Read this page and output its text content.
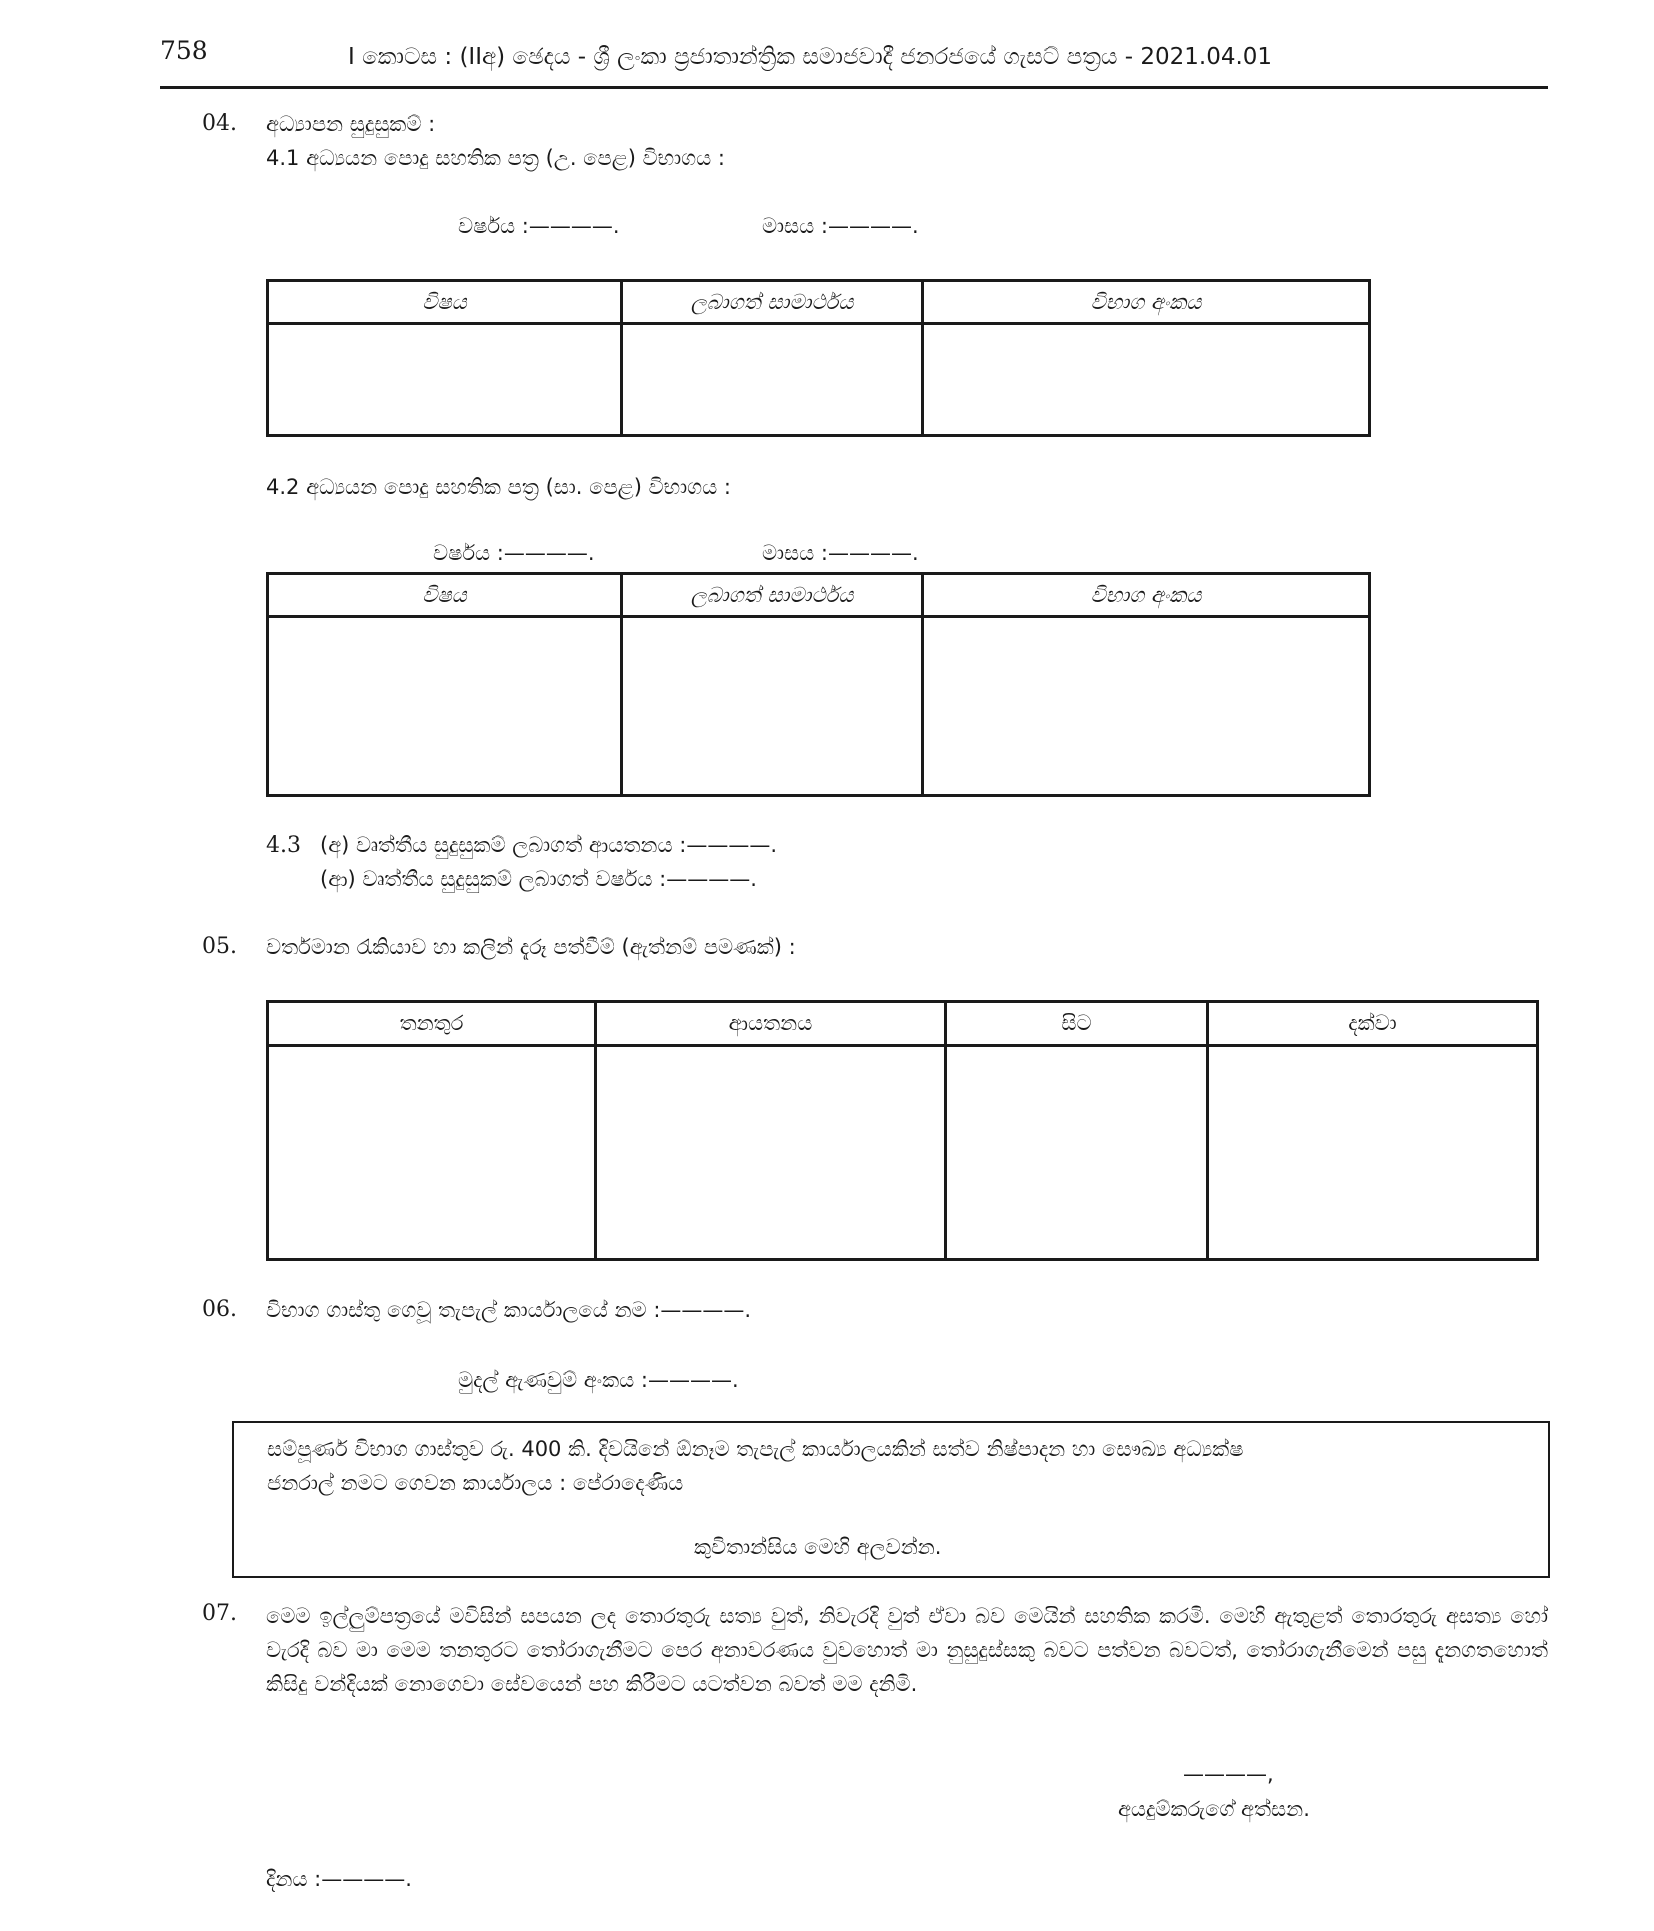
758	I කොටස : (IIඅ) ඡෙදය - ශ්‍රී ලංකා ප්‍රජාතාන්ත්‍රික සමාජවාදී ජනරජයේ ගැසට් පත්‍රය - 2021.04.01
04. අධ්‍යාපන සුදුසුකම් :
4.1 අධ්‍යයන පොදු සහතික පත්‍ර (උ. පෙළ) විභාගය :
වර්ෂය :————.	මාසය :————.
විෂය	ලබාගත් සාමාර්ථය	විභාග අංකය

4.2 අධ්‍යයන පොදු සහතික පත්‍ර (සා. පෙළ) විභාගය :
වර්ෂය :————.	මාසය :————.
විෂය	ලබාගත් සාමාර්ථය	විභාග අංකය

4.3 (අ) වෘත්තීය සුදුසුකම් ලබාගත් ආයතනය :————.
(ආ) වෘත්තීය සුදුසුකම් ලබාගත් වර්ෂය :————.
05. වර්තමාන රැකියාව හා කලින් දැරූ පත්වීම් (ඇත්නම් පමණක්) :
තනතුර	ආයතනය	සිට	දක්වා

06. විභාග ගාස්තු ගෙවූ තැපැල් කාර්යාලයේ නම :————.
මුදල් ඇණවුම් අංකය :————.

සම්පූර්ණ විභාග ගාස්තුව රු. 400 කි. දිවයිනේ ඕනෑම තැපැල් කාර්යාලයකින් සත්ව නිෂ්පාදන හා සෞඛ්‍ය අධ්‍යක්ෂ

ජනරාල් නමට ගෙවන කාර්යාලය : පේරාදෙණිය

කුවිතාන්සිය මෙහි අලවන්න.

07. මෙම ඉල්ලුම්පත්‍රයේ මවිසින් සපයන ලද තොරතුරු සත්‍ය වුත්, නිවැරදි වුත් ඒවා බව මෙයින් සහතික කරමි. මෙහි ඇතුළත් තොරතුරු අසත්‍ය හෝ වැරදි බව මා මෙම තනතුරට තෝරාගැනීමට පෙර අනාවරණය වුවහොත් මා නුසුදුස්සකු බවට පත්වන බවටත්, තෝරාගැනීමෙන් පසු දැනගතහොත් කිසිදු වන්දියක් නොගෙවා සේවයෙන් පහ කිරීමට යටත්වන බවත් මම දනිමි.
————,
අයදුම්කරුගේ අත්සන.
දිනය :————.
